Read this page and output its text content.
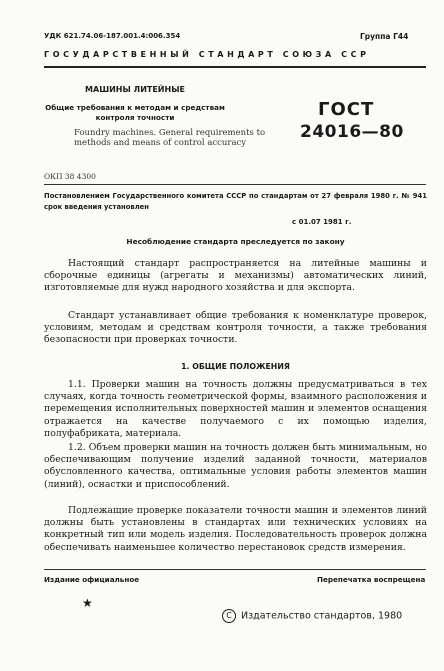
УДК 621.74.06-187.001.4:006.354	Группа Г44
ГОСУДАРСТВЕННЫЙ СТАНДАРТ СОЮЗА ССР
МАШИНЫ ЛИТЕЙНЫЕ
Общие требования к методам и средствам контроля точности
Foundry machines. General requirements to methods and means of control accuracy
ГОСТ
24016—80
ОКП 38 4300
Постановлением Государственного комитета СССР по стандартам от 27 февраля 1980 г. № 941 срок введения установлен
с 01.07 1981 г.
Несоблюдение стандарта преследуется по закону
Настоящий стандарт распространяется на литейные машины и сборочные единицы (агрегаты и механизмы) автоматических линий, изготовляемые для нужд народного хозяйства и для экспорта.
Стандарт устанавливает общие требования к номенклатуре проверок, условиям, методам и средствам контроля точности, а также требования безопасности при проверках точности.
1. ОБЩИЕ ПОЛОЖЕНИЯ
1.1. Проверки машин на точность должны предусматриваться в тех случаях, когда точность геометрической формы, взаимного расположения и перемещения исполнительных поверхностей машин и элементов оснащения отражается на качестве получаемого с их помощью изделия, полуфабриката, материала.
1.2. Объем проверки машин на точность должен быть минимальным, но обеспечивающим получение изделий заданной точности, материалов обусловленного качества, оптимальные условия работы элементов машин (линий), оснастки и приспособлений.
Подлежащие проверке показатели точности машин и элементов линий должны быть установлены в стандартах или технических условиях на конкретный тип или модель изделия. Последовательность проверок должна обеспечивать наименьшее количество перестановок средств измерения.
Издание официальное	Перепечатка воспрещена
★
C Издательство стандартов, 1980
